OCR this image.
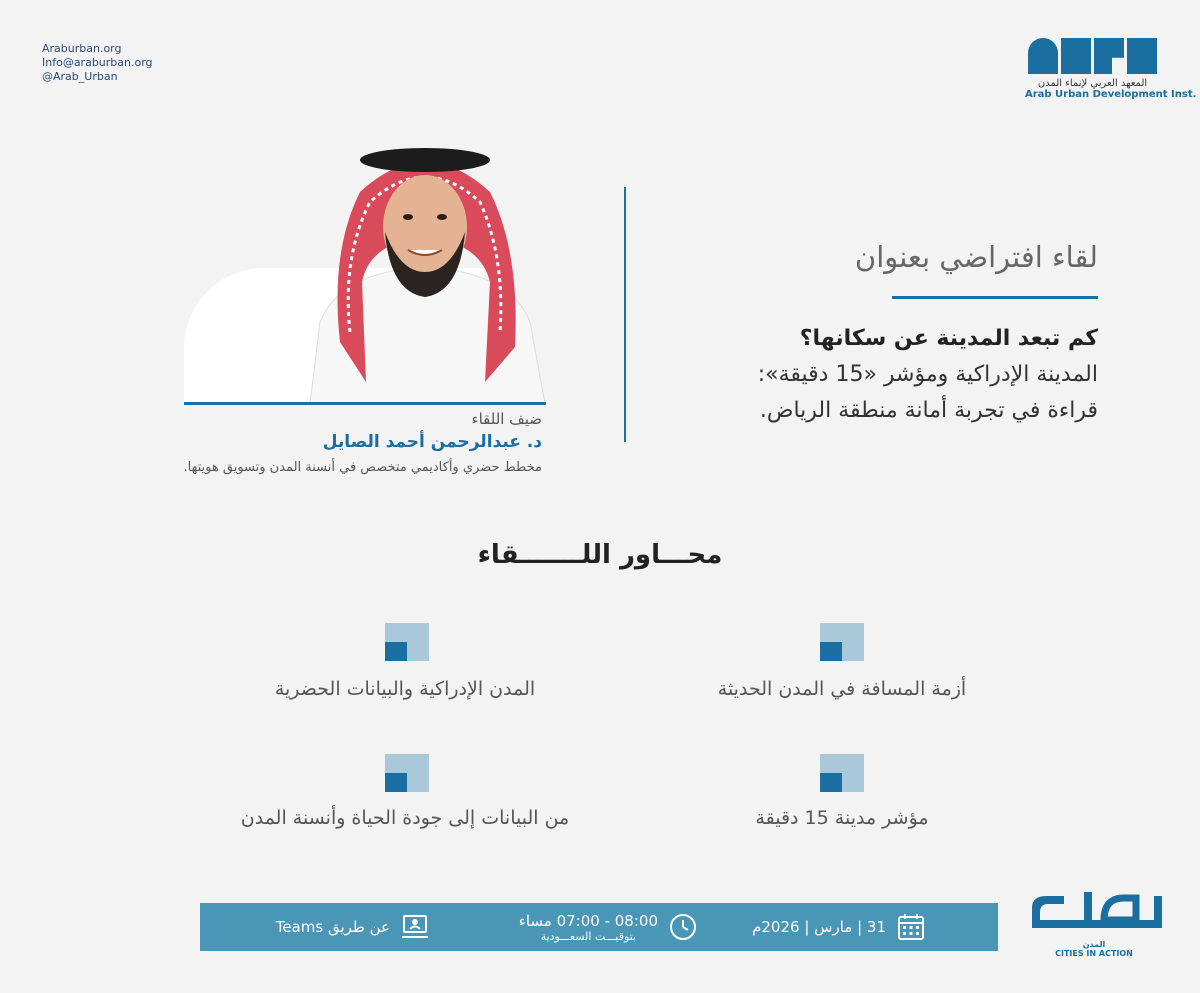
Araburban.org
Info@araburban.org
@Arab_Urban
المعهد العربي لإنماء المدن
Arab Urban Development Inst.
ضيف اللقاء
د. عبدالرحمن أحمد الصايل
مخطط حضري وأكاديمي متخصص في أنسنة المدن وتسويق هويتها.
لقاء افتراضي بعنوان
كم تبعد المدينة عن سكانها؟
المدينة الإدراكية ومؤشر «15 دقيقة»:
قراءة في تجربة أمانة منطقة الرياض.
محـــاور اللـــــــقاء
أزمة المسافة في المدن الحديثة
المدن الإدراكية والبيانات الحضرية
مؤشر مدينة 15 دقيقة
من البيانات إلى جودة الحياة وأنسنة المدن
31 | مارس | 2026م
08:00 - 07:00 مساء
بتوقيـــت السعـــودية
عن طريق Teams
المدن
CITIES IN ACTION
